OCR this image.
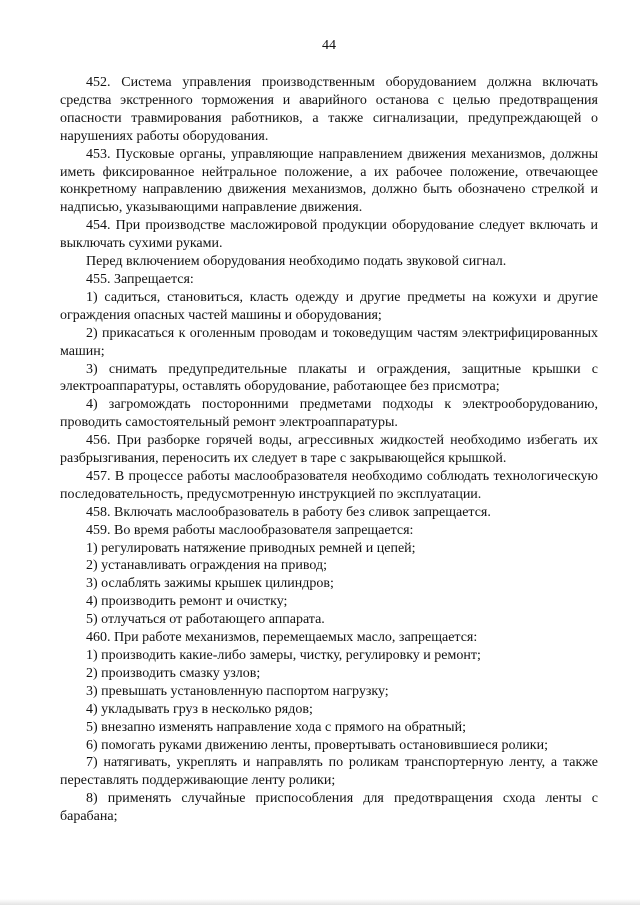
44

452. Система управления производственным оборудованием должна включать средства экстренного торможения и аварийного останова с целью предотвращения опасности травмирования работников, а также сигнализации, предупреждающей о нарушениях работы оборудования.

453. Пусковые органы, управляющие направлением движения механизмов, должны иметь фиксированное нейтральное положение, а их рабочее положение, отвечающее конкретному направлению движения механизмов, должно быть обозначено стрелкой и надписью, указывающими направление движения.

454. При производстве масложировой продукции оборудование следует включать и выключать сухими руками.

Перед включением оборудования необходимо подать звуковой сигнал.

455. Запрещается:

1) садиться, становиться, класть одежду и другие предметы на кожухи и другие ограждения опасных частей машины и оборудования;

2) прикасаться к оголенным проводам и токоведущим частям электрифицированных машин;

3) снимать предупредительные плакаты и ограждения, защитные крышки с электроаппаратуры, оставлять оборудование, работающее без присмотра;

4) загромождать посторонними предметами подходы к электрооборудованию, проводить самостоятельный ремонт электроаппаратуры.

456. При разборке горячей воды, агрессивных жидкостей необходимо избегать их разбрызгивания, переносить их следует в таре с закрывающейся крышкой.

457. В процессе работы маслообразователя необходимо соблюдать технологическую последовательность, предусмотренную инструкцией по эксплуатации.

458. Включать маслообразователь в работу без сливок запрещается.

459. Во время работы маслообразователя запрещается:

1) регулировать натяжение приводных ремней и цепей;

2) устанавливать ограждения на привод;

3) ослаблять зажимы крышек цилиндров;

4) производить ремонт и очистку;

5) отлучаться от работающего аппарата.

460. При работе механизмов, перемещаемых масло, запрещается:

1) производить какие-либо замеры, чистку, регулировку и ремонт;

2) производить смазку узлов;

3) превышать установленную паспортом нагрузку;

4) укладывать груз в несколько рядов;

5) внезапно изменять направление хода с прямого на обратный;

6) помогать руками движению ленты, провертывать остановившиеся ролики;

7) натягивать, укреплять и направлять по роликам транспортерную ленту, а также переставлять поддерживающие ленту ролики;

8) применять случайные приспособления для предотвращения схода ленты с барабана;
